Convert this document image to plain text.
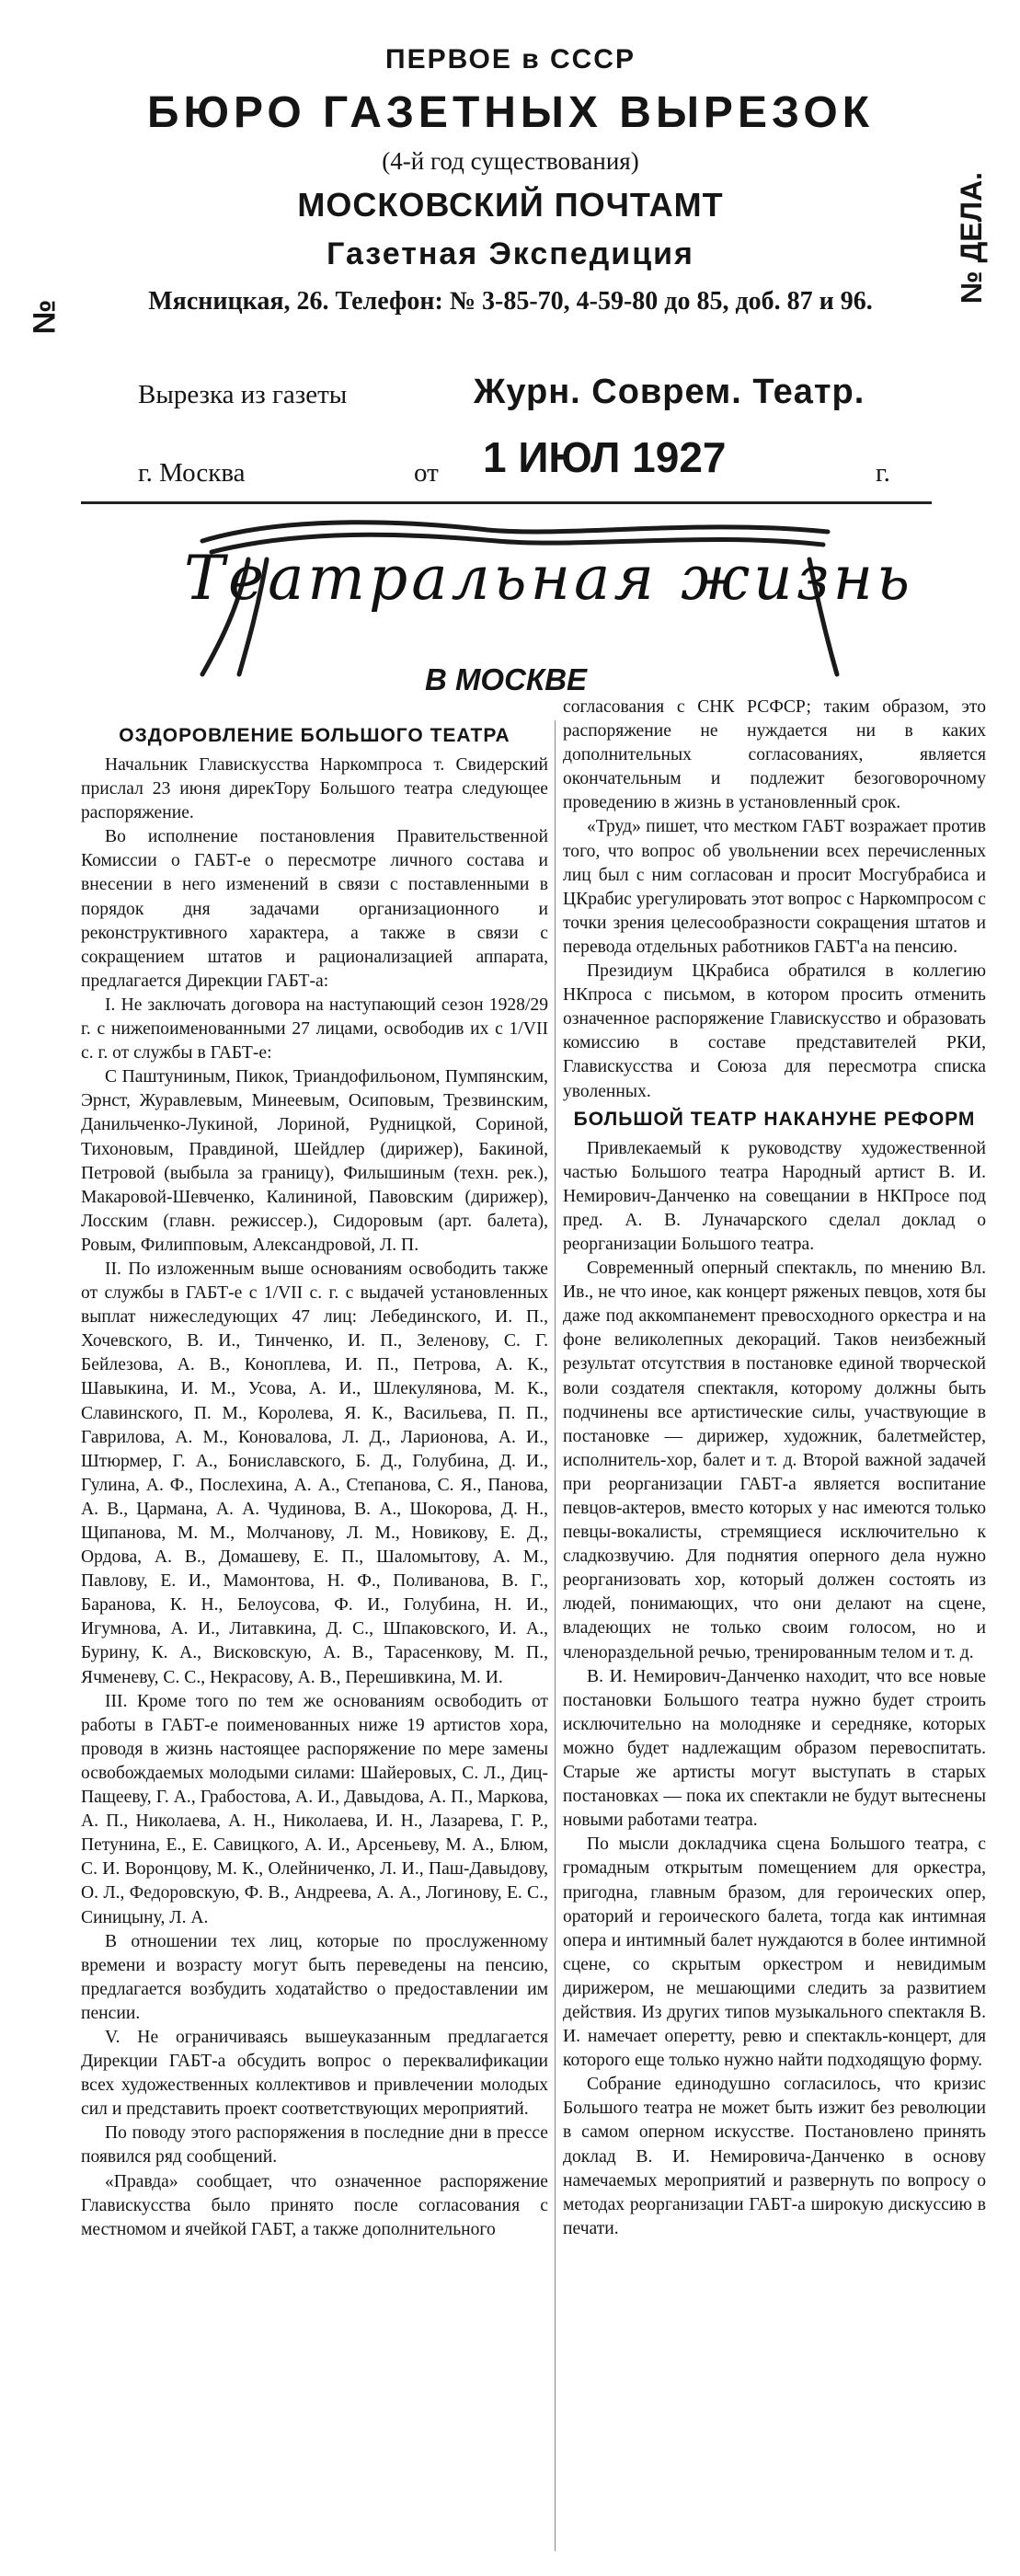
ПЕРВОЕ в СССР
БЮРО ГАЗЕТНЫХ ВЫРЕЗОК
(4-й год существования)
МОСКОВСКИЙ ПОЧТАМТ
Газетная Экспедиция
Мясницкая, 26. Телефон: № 3-85-70, 4-59-80 до 85, доб. 87 и 96.
№
№ ДЕЛА.
Вырезка из газеты	Журн. Соврем. Театр.
г. Москва	от 1 ИЮЛ 1927	г.
Театральная жизнь
В МОСКВЕ
ОЗДОРОВЛЕНИЕ БОЛЬШОГО ТЕАТРА

Начальник Главискусства Наркомпроса т. Свидерский прислал 23 июня дирекТору Большого театра следующее распоряжение.

Во исполнение постановления Правительственной Комиссии о ГАБТ-е о пересмотре личного состава и внесении в него изменений в связи с поставленными в порядок дня задачами организационного и реконструктивного характера, а также в связи с сокращением штатов и рационализацией аппарата, предлагается Дирекции ГАБТ-а:

I. Не заключать договора на наступающий сезон 1928/29 г. с нижепоименованными 27 лицами, освободив их с 1/VII с. г. от службы в ГАБТ-е:

С Паштуниным, Пикок, Триандофильоном, Пумпянским, Эрнст, Журавлевым, Минеевым, Осиповым, Трезвинским, Данильченко-Лукиной, Лориной, Рудницкой, Сориной, Тихоновым, Правдиной, Шейдлер (дирижер), Бакиной, Петровой (выбыла за границу), Филышиным (техн. рек.), Макаровой-Шевченко, Калининой, Павовским (дирижер), Лосским (главн. режиссер.), Сидоровым (арт. балета), Ровым, Филипповым, Александровой, Л. П.

II. По изложенным выше основаниям освободить также от службы в ГАБТ-е с 1/VII с. г. с выдачей установленных выплат нижеследующих 47 лиц: Лебединского, И. П., Хочевского, В. И., Тинченко, И. П., Зеленову, С. Г. Бейлезова, А. В., Коноплева, И. П., Петрова, А. К., Шавыкина, И. М., Усова, А. И., Шлекулянова, М. К., Славинского, П. М., Королева, Я. К., Васильева, П. П., Гаврилова, А. М., Коновалова, Л. Д., Ларионова, А. И., Штюрмер, Г. А., Бониславского, Б. Д., Голубина, Д. И., Гулина, А. Ф., Послехина, А. А., Степанова, С. Я., Панова, А. В., Цармана, А. А. Чудинова, В. А., Шокорова, Д. Н., Щипанова, М. М., Молчанову, Л. М., Новикову, Е. Д., Ордова, А. В., Домашеву, Е. П., Шаломытову, А. М., Павлову, Е. И., Мамонтова, Н. Ф., Поливанова, В. Г., Баранова, К. Н., Белоусова, Ф. И., Голубина, Н. И., Игумнова, А. И., Литавкина, Д. С., Шпаковского, И. А., Бурину, К. А., Висковскую, А. В., Тарасенкову, М. П., Ячменеву, С. С., Некрасову, А. В., Перешивкина, М. И.

III. Кроме того по тем же основаниям освободить от работы в ГАБТ-е поименованных ниже 19 артистов хора, проводя в жизнь настоящее распоряжение по мере замены освобождаемых молодыми силами: Шайеровых, С. Л., Диц-Пащееву, Г. А., Грабостова, А. И., Давыдова, А. П., Маркова, А. П., Николаева, А. Н., Николаева, И. Н., Лазарева, Г. Р., Петунина, Е., Е. Савицкого, А. И., Арсеньеву, М. А., Блюм, С. И. Воронцову, М. К., Олейниченко, Л. И., Паш-Давыдову, О. Л., Федоровскую, Ф. В., Андреева, А. А., Логинову, Е. С., Синицыну, Л. А.

В отношении тех лиц, которые по прослуженному времени и возрасту могут быть переведены на пенсию, предлагается возбудить ходатайство о предоставлении им пенсии.

V. Не ограничиваясь вышеуказанным предлагается Дирекции ГАБТ-а обсудить вопрос о переквалификации всех художественных коллективов и привлечении молодых сил и представить проект соответствующих мероприятий.

По поводу этого распоряжения в последние дни в прессе появился ряд сообщений.

«Правда» сообщает, что означенное распоряжение Главискусства было принято после согласования с местномом и ячейкой ГАБТ, а также дополнительного

согласования с СНК РСФСР; таким образом, это распоряжение не нуждается ни в каких дополнительных согласованиях, является окончательным и подлежит безоговорочному проведению в жизнь в установленный срок.

«Труд» пишет, что местком ГАБТ возражает против того, что вопрос об увольнении всех перечисленных лиц был с ним согласован и просит Мосгубрабиса и ЦКрабис урегулировать этот вопрос с Наркомпросом с точки зрения целесообразности сокращения штатов и перевода отдельных работников ГАБТ'а на пенсию.

Президиум ЦКрабиса обратился в коллегию НКпроса с письмом, в котором просить отменить означенное распоряжение Главискусство и образовать комиссию в составе представителей РКИ, Главискусства и Союза для пересмотра списка уволенных.

БОЛЬШОЙ ТЕАТР НАКАНУНЕ РЕФОРМ

Привлекаемый к руководству художественной частью Большого театра Народный артист В. И. Немирович-Данченко на совещании в НКПросе под пред. А. В. Луначарского сделал доклад о реорганизации Большого театра.

Современный оперный спектакль, по мнению Вл. Ив., не что иное, как концерт ряженых певцов, хотя бы даже под аккомпанемент превосходного оркестра и на фоне великолепных декораций. Таков неизбежный результат отсутствия в постановке единой творческой воли создателя спектакля, которому должны быть подчинены все артистические силы, участвующие в постановке — дирижер, художник, балетмейстер, исполнитель-хор, балет и т. д. Второй важной задачей при реорганизации ГАБТ-а является воспитание певцов-актеров, вместо которых у нас имеются только певцы-вокалисты, стремящиеся исключительно к сладкозвучию. Для поднятия оперного дела нужно реорганизовать хор, который должен состоять из людей, понимающих, что они делают на сцене, владеющих не только своим голосом, но и членораздельной речью, тренированным телом и т. д.

В. И. Немирович-Данченко находит, что все новые постановки Большого театра нужно будет строить исключительно на молодняке и середняке, которых можно будет надлежащим образом перевоспитать. Старые же артисты могут выступать в старых постановках — пока их спектакли не будут вытеснены новыми работами театра.

По мысли докладчика сцена Большого театра, с громадным открытым помещением для оркестра, пригодна, главным бразом, для героических опер, ораторий и героического балета, тогда как интимная опера и интимный балет нуждаются в более интимной сцене, со скрытым оркестром и невидимым дирижером, не мешающими следить за развитием действия. Из других типов музыкального спектакля В. И. намечает оперетту, ревю и спектакль-концерт, для которого еще только нужно найти подходящую форму.

Собрание единодушно согласилось, что кризис Большого театра не может быть изжит без революции в самом оперном искусстве. Постановлено принять доклад В. И. Немировича-Данченко в основу намечаемых мероприятий и развернуть по вопросу о методах реорганизации ГАБТ-а широкую дискуссию в печати.
